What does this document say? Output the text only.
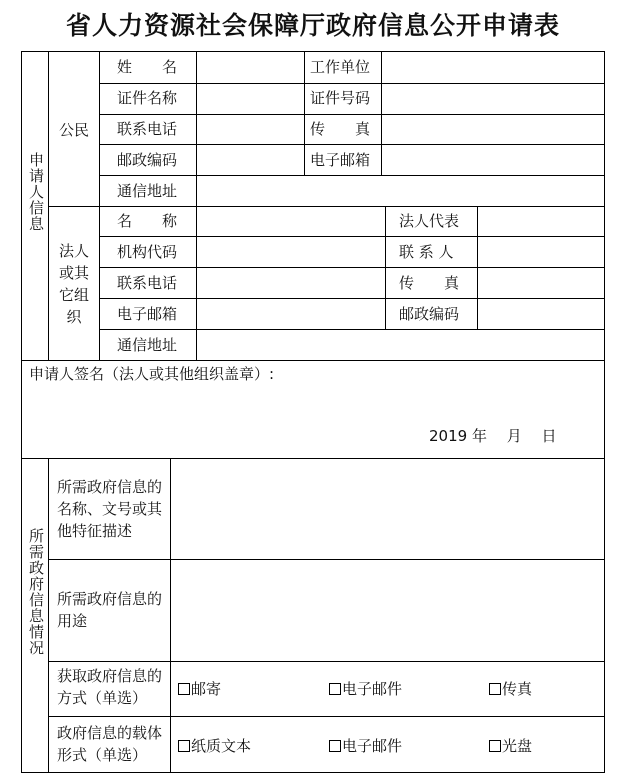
省人力资源社会保障厅政府信息公开申请表
申请人信息
公民
姓　　名	工作单位
证件名称	证件号码
联系电话	传　　真
邮政编码	电子邮箱
通信地址
法人或其它组织
名　　称	法人代表
机构代码	联 系 人
联系电话	传　　真
电子邮箱	邮政编码
通信地址
申请人签名（法人或其他组织盖章）:
2019 年　 月　 日
所需政府信息情况
所需政府信息的名称、文号或其他特征描述
所需政府信息的用途
获取政府信息的方式（单选）	邮寄	电子邮件	传真
政府信息的载体形式（单选）	纸质文本	电子邮件	光盘
